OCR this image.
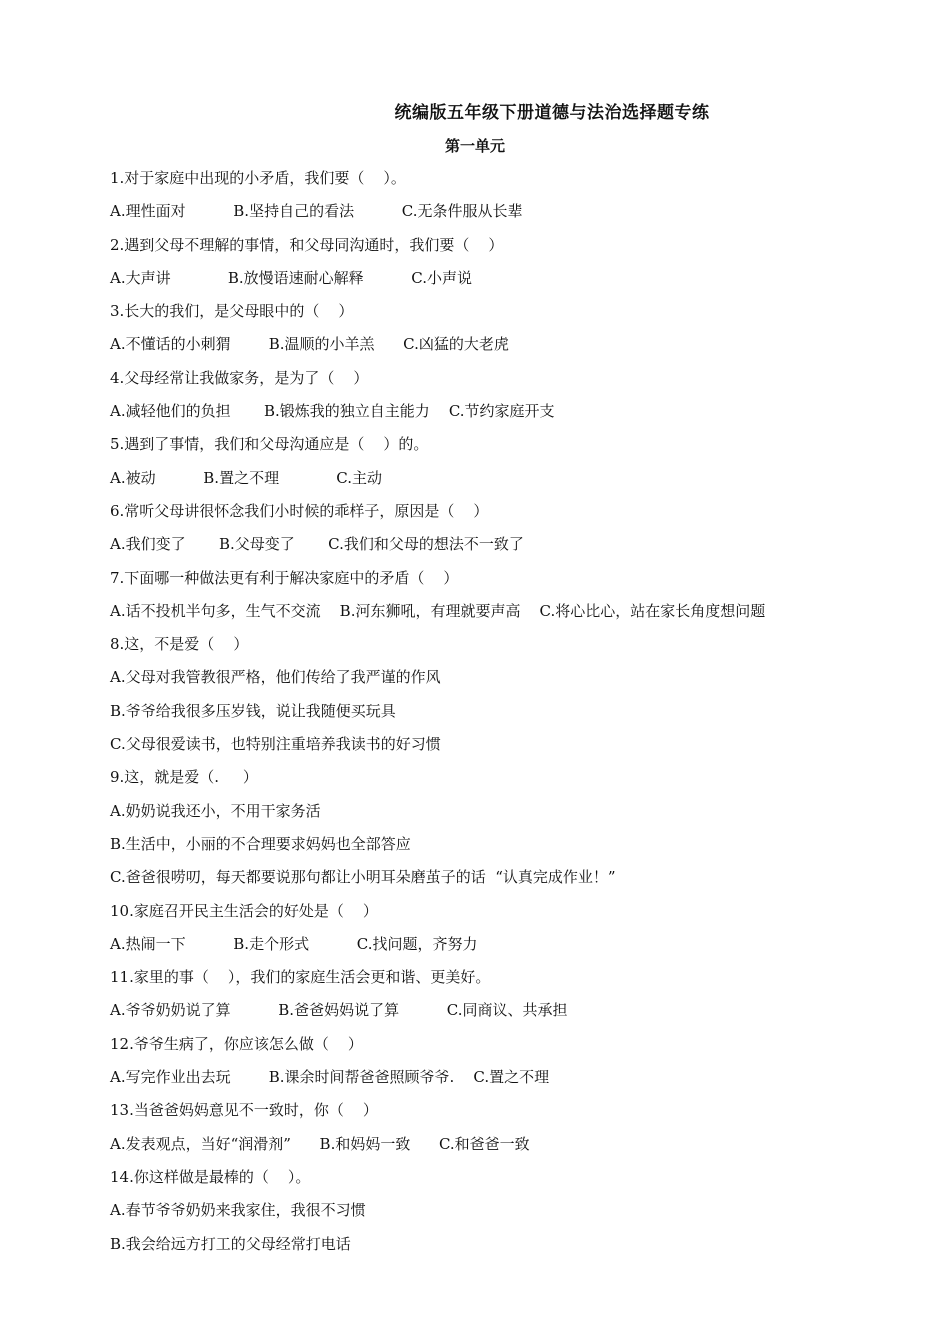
统编版五年级下册道德与法治选择题专练
第一单元
1.对于家庭中出现的小矛盾，我们要（    ）。
A.理性面对          B.坚持自己的看法          C.无条件服从长辈
2.遇到父母不理解的事情，和父母同沟通时，我们要（    ）
A.大声讲            B.放慢语速耐心解释          C.小声说
3.长大的我们，是父母眼中的（    ）
A.不懂话的小刺猬        B.温顺的小羊羔      C.凶猛的大老虎
4.父母经常让我做家务，是为了（    ）
A.减轻他们的负担       B.锻炼我的独立自主能力    C.节约家庭开支
5.遇到了事情，我们和父母沟通应是（    ）的。
A.被动          B.置之不理            C.主动
6.常听父母讲很怀念我们小时候的乖样子，原因是（    ）
A.我们变了       B.父母变了       C.我们和父母的想法不一致了
7.下面哪一种做法更有利于解决家庭中的矛盾（    ）
A.话不投机半句多，生气不交流    B.河东狮吼，有理就要声高    C.将心比心，站在家长角度想问题
8.这，不是爱（    ）
A.父母对我管教很严格，他们传给了我严谨的作风
B.爷爷给我很多压岁钱，说让我随便买玩具
C.父母很爱读书，也特别注重培养我读书的好习惯
9.这，就是爱（.     ）
A.奶奶说我还小，不用干家务活
B.生活中，小丽的不合理要求妈妈也全部答应
C.爸爸很唠叨，每天都要说那句都让小明耳朵磨茧子的话  “认真完成作业！”
10.家庭召开民主生活会的好处是（    ）
A.热闹一下          B.走个形式          C.找问题，齐努力
11.家里的事（    ），我们的家庭生活会更和谐、更美好。
A.爷爷奶奶说了算          B.爸爸妈妈说了算          C.同商议、共承担
12.爷爷生病了，你应该怎么做（    ）
A.写完作业出去玩        B.课余时间帮爸爸照顾爷爷.    C.置之不理
13.当爸爸妈妈意见不一致时，你（    ）
A.发表观点，当好“润滑剂”      B.和妈妈一致      C.和爸爸一致
14.你这样做是最棒的（    ）。
A.春节爷爷奶奶来我家住，我很不习惯
B.我会给远方打工的父母经常打电话
